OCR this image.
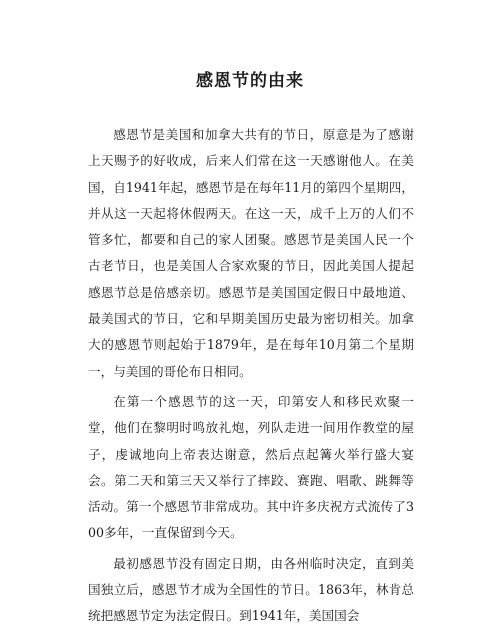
感恩节的由来

感恩节是美国和加拿大共有的节日，原意是为了感谢上天赐予的好收成，后来人们常在这一天感谢他人。在美国，自1941年起，感恩节是在每年11月的第四个星期四，并从这一天起将休假两天。在这一天，成千上万的人们不管多忙，都要和自己的家人团聚。感恩节是美国人民一个古老节日，也是美国人合家欢聚的节日，因此美国人提起感恩节总是倍感亲切。感恩节是美国国定假日中最地道、最美国式的节日，它和早期美国历史最为密切相关。加拿大的感恩节则起始于1879年，是在每年10月第二个星期一，与美国的哥伦布日相同。

在第一个感恩节的这一天，印第安人和移民欢聚一堂，他们在黎明时鸣放礼炮，列队走进一间用作教堂的屋子，虔诚地向上帝表达谢意，然后点起篝火举行盛大宴会。第二天和第三天又举行了摔跤、赛跑、唱歌、跳舞等活动。第一个感恩节非常成功。其中许多庆祝方式流传了300多年，一直保留到今天。

最初感恩节没有固定日期，由各州临时决定，直到美国独立后，感恩节才成为全国性的节日。1863年，林肯总统把感恩节定为法定假日。到1941年，美国国会
